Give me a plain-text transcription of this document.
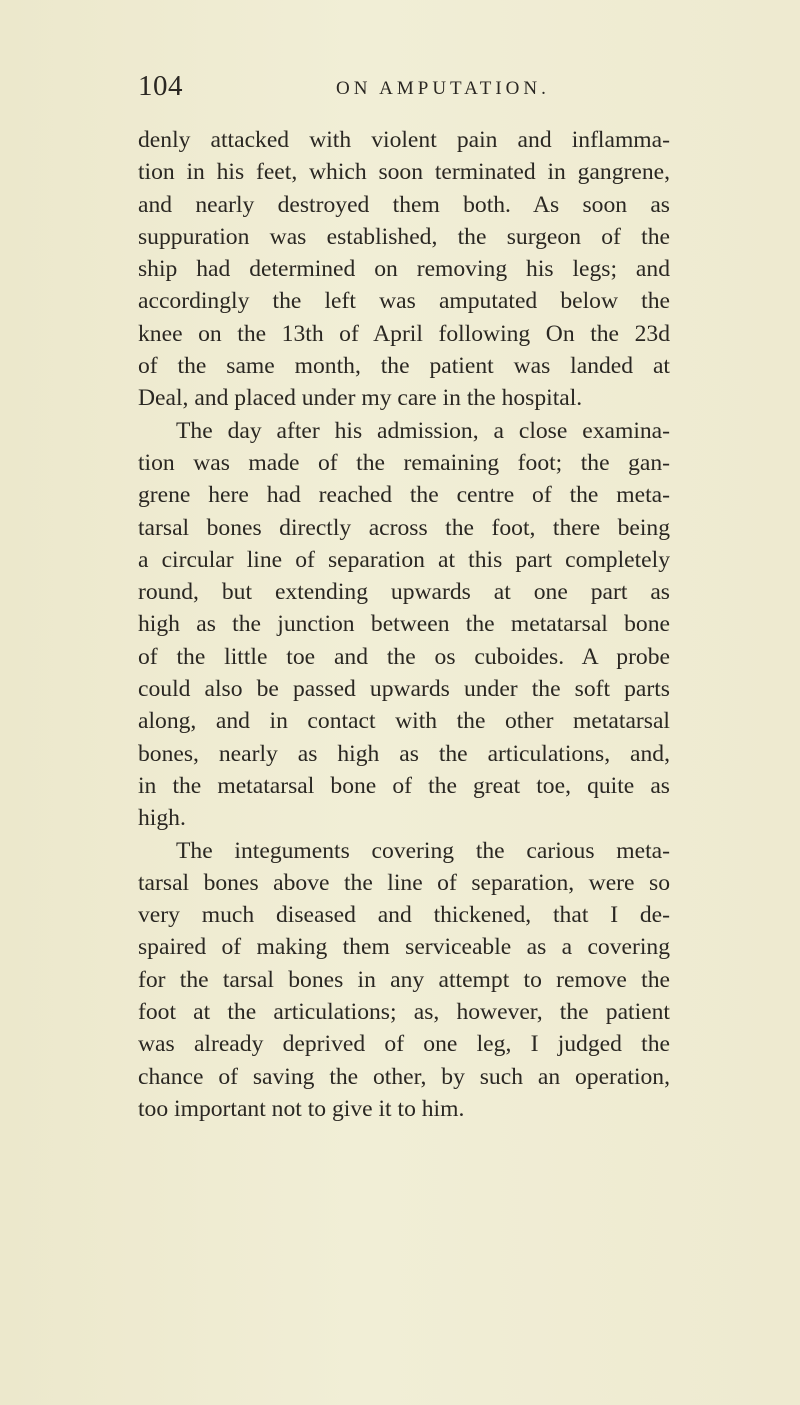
104	ON AMPUTATION.
denly attacked with violent pain and inflamma-
tion in his feet, which soon terminated in gangrene,
and nearly destroyed them both. As soon as
suppuration was established, the surgeon of the
ship had determined on removing his legs; and
accordingly the left was amputated below the
knee on the 13th of April following On the 23d
of the same month, the patient was landed at
Deal, and placed under my care in the hospital.
The day after his admission, a close examina-
tion was made of the remaining foot; the gan-
grene here had reached the centre of the meta-
tarsal bones directly across the foot, there being
a circular line of separation at this part completely
round, but extending upwards at one part as
high as the junction between the metatarsal bone
of the little toe and the os cuboides. A probe
could also be passed upwards under the soft parts
along, and in contact with the other metatarsal
bones, nearly as high as the articulations, and,
in the metatarsal bone of the great toe, quite as
high.
The integuments covering the carious meta-
tarsal bones above the line of separation, were so
very much diseased and thickened, that I de-
spaired of making them serviceable as a covering
for the tarsal bones in any attempt to remove the
foot at the articulations; as, however, the patient
was already deprived of one leg, I judged the
chance of saving the other, by such an operation,
too important not to give it to him.
